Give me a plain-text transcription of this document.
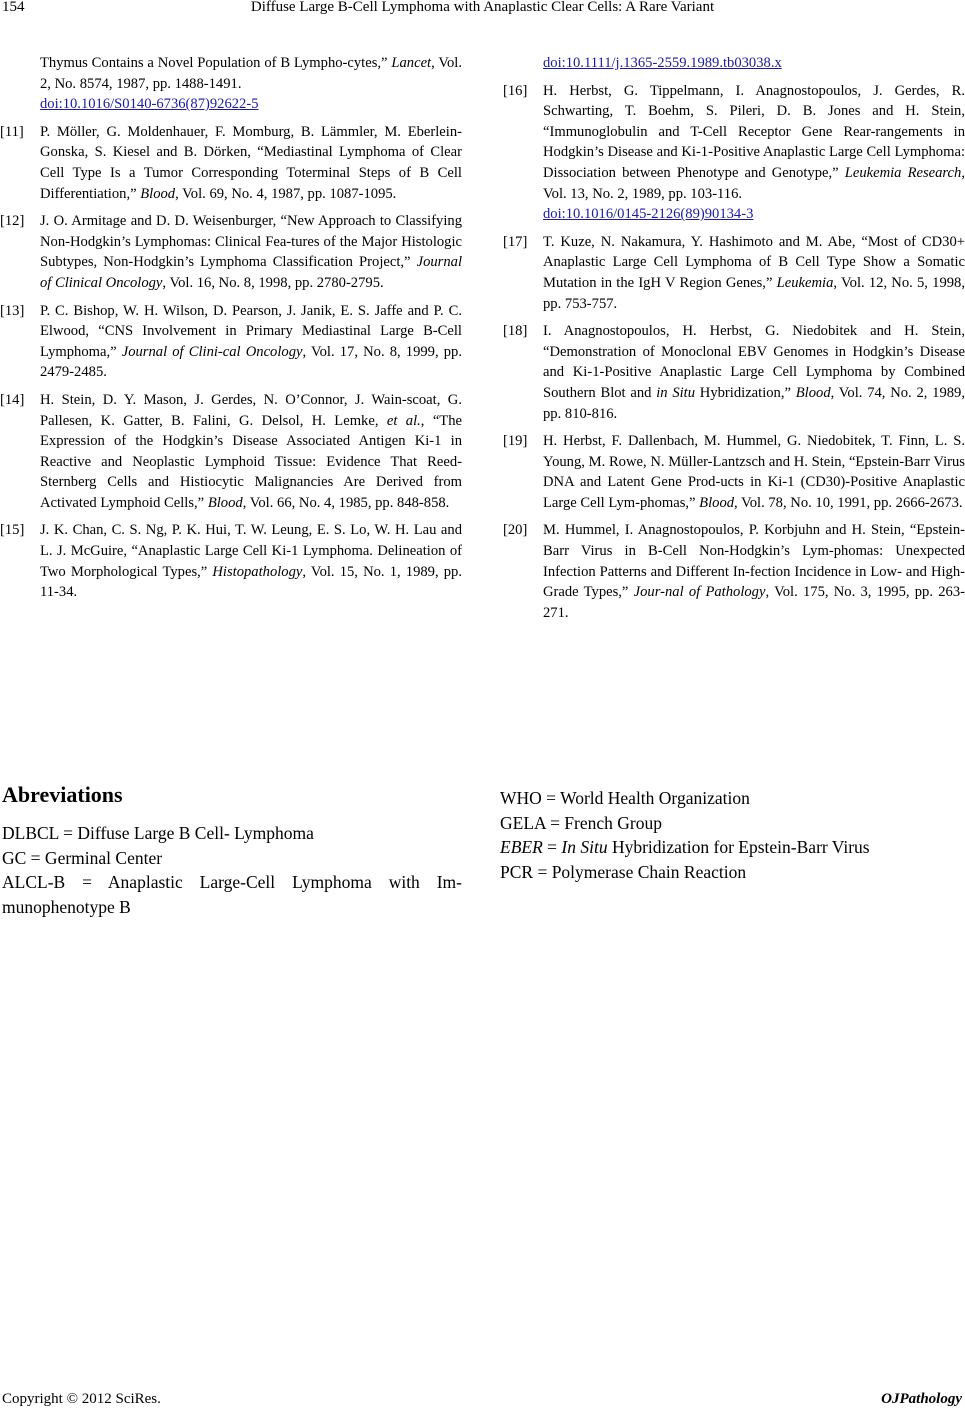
154	Diffuse Large B-Cell Lymphoma with Anaplastic Clear Cells: A Rare Variant
Thymus Contains a Novel Population of B Lympho-cytes,” Lancet, Vol. 2, No. 8574, 1987, pp. 1488-1491.
doi:10.1016/S0140-6736(87)92622-5
[11] P. Möller, G. Moldenhauer, F. Momburg, B. Lämmler, M. Eberlein-Gonska, S. Kiesel and B. Dörken, “Mediastinal Lymphoma of Clear Cell Type Is a Tumor Corresponding Toterminal Steps of B Cell Differentiation,” Blood, Vol. 69, No. 4, 1987, pp. 1087-1095.

[12] J. O. Armitage and D. D. Weisenburger, “New Approach to Classifying Non-Hodgkin’s Lymphomas: Clinical Fea-tures of the Major Histologic Subtypes, Non-Hodgkin’s Lymphoma Classification Project,” Journal of Clinical Oncology, Vol. 16, No. 8, 1998, pp. 2780-2795.

[13] P. C. Bishop, W. H. Wilson, D. Pearson, J. Janik, E. S. Jaffe and P. C. Elwood, “CNS Involvement in Primary Mediastinal Large B-Cell Lymphoma,” Journal of Clini-cal Oncology, Vol. 17, No. 8, 1999, pp. 2479-2485.

[14] H. Stein, D. Y. Mason, J. Gerdes, N. O’Connor, J. Wain-scoat, G. Pallesen, K. Gatter, B. Falini, G. Delsol, H. Lemke, et al., “The Expression of the Hodgkin’s Disease Associated Antigen Ki-1 in Reactive and Neoplastic Lymphoid Tissue: Evidence That Reed-Sternberg Cells and Histiocytic Malignancies Are Derived from Activated Lymphoid Cells,” Blood, Vol. 66, No. 4, 1985, pp. 848-858.

[15] J. K. Chan, C. S. Ng, P. K. Hui, T. W. Leung, E. S. Lo, W. H. Lau and L. J. McGuire, “Anaplastic Large Cell Ki-1 Lymphoma. Delineation of Two Morphological Types,” Histopathology, Vol. 15, No. 1, 1989, pp. 11-34.

doi:10.1111/j.1365-2559.1989.tb03038.x
[16] H. Herbst, G. Tippelmann, I. Anagnostopoulos, J. Gerdes, R. Schwarting, T. Boehm, S. Pileri, D. B. Jones and H. Stein, “Immunoglobulin and T-Cell Receptor Gene Rear-rangements in Hodgkin’s Disease and Ki-1-Positive Anaplastic Large Cell Lymphoma: Dissociation between Phenotype and Genotype,” Leukemia Research, Vol. 13, No. 2, 1989, pp. 103-116.
doi:10.1016/0145-2126(89)90134-3

[17] T. Kuze, N. Nakamura, Y. Hashimoto and M. Abe, “Most of CD30+ Anaplastic Large Cell Lymphoma of B Cell Type Show a Somatic Mutation in the IgH V Region Genes,” Leukemia, Vol. 12, No. 5, 1998, pp. 753-757.

[18] I. Anagnostopoulos, H. Herbst, G. Niedobitek and H. Stein, “Demonstration of Monoclonal EBV Genomes in Hodgkin’s Disease and Ki-1-Positive Anaplastic Large Cell Lymphoma by Combined Southern Blot and in Situ Hybridization,” Blood, Vol. 74, No. 2, 1989, pp. 810-816.

[19] H. Herbst, F. Dallenbach, M. Hummel, G. Niedobitek, T. Finn, L. S. Young, M. Rowe, N. Müller-Lantzsch and H. Stein, “Epstein-Barr Virus DNA and Latent Gene Prod-ucts in Ki-1 (CD30)-Positive Anaplastic Large Cell Lym-phomas,” Blood, Vol. 78, No. 10, 1991, pp. 2666-2673.

[20] M. Hummel, I. Anagnostopoulos, P. Korbjuhn and H. Stein, “Epstein-Barr Virus in B-Cell Non-Hodgkin’s Lym-phomas: Unexpected Infection Patterns and Different In-fection Incidence in Low- and High-Grade Types,” Jour-nal of Pathology, Vol. 175, No. 3, 1995, pp. 263-271.

Abreviations
DLBCL = Diffuse Large B Cell- Lymphoma
GC = Germinal Center
ALCL-B = Anaplastic Large-Cell Lymphoma with Im-munophenotype B
WHO = World Health Organization
GELA = French Group
EBER = In Situ Hybridization for Epstein-Barr Virus
PCR = Polymerase Chain Reaction
Copyright © 2012 SciRes.	OJPathology
